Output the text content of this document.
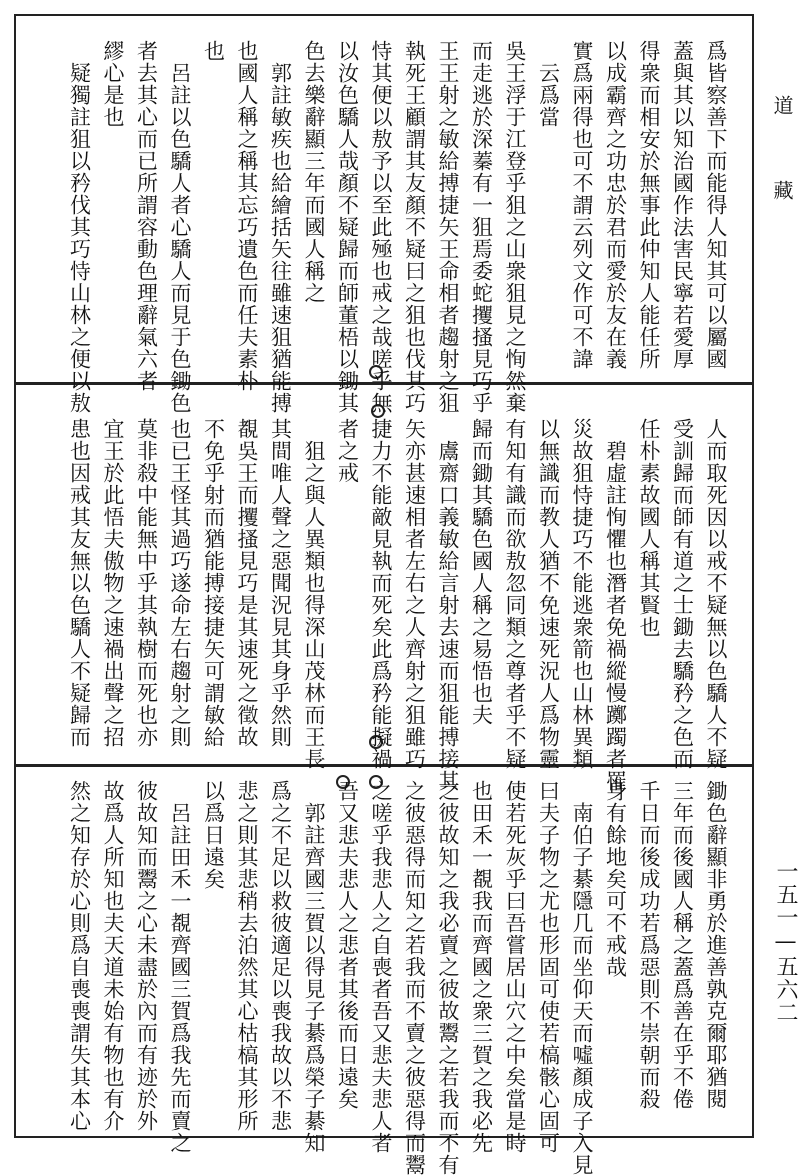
道
藏
一五一—五六二
爲皆察善下而能得人知其可以屬國
蓋與其以知治國作法害民寧若愛厚
得衆而相安於無事此仲知人能任所
以成霸齊之功忠於君而愛於友在義
實爲兩得也可不謂云列文作可不諱
　云爲當
吳王浮于江登乎狙之山衆狙見之恂然棄
而走逃於深蓁有一狙焉委蛇攫搔見巧乎
王王射之敏給搏捷矢王命相者趨射之狙
執死王顧謂其友顏不疑曰之狙也伐其巧
恃其便以敖予以至此殛也戒之哉嗟乎無
以汝色驕人哉顏不疑歸而師董梧以鋤其
色去樂辭顯三年而國人稱之
　郭註敏疾也給繪括矢往雖速狙猶能搏
也國人稱之稱其忘巧遺色而任夫素朴
也
　呂註以色驕人者心驕人而見于色鋤色
者去其心而已所謂容動色理辭氣六者
繆心是也
　疑獨註狙以矜伐其巧恃山林之便以敖
人而取死因以戒不疑無以色驕人不疑
受訓歸而師有道之士鋤去驕矜之色而
任朴素故國人稱其賢也
　碧虛註恂懼也潛者免禍縱慢躑躅者罹
災故狙恃捷巧不能逃衆箭也山林異類
以無識而教人猶不免速死況人爲物靈
有知有識而欲敖忽同類之尊者乎不疑
歸而鋤其驕色國人稱之易悟也夫
　鬳齋口義敏給言射去速而狙能搏接其
矢亦甚速相者左右之人齊射之狙雖巧
捷力不能敵見執而死矣此爲矜能擬禍
者之戒
　狙之與人異類也得深山茂林而王長
其間唯人聲之惡聞況見其身乎然則
覩吳王而攫搔見巧是其速死之徵故
不免乎射而猶能搏接捷矢可謂敏給
也已王怪其過巧遂命左右趨射之則
莫非殺中能無中乎其執樹而死也亦
宜王於此悟夫傲物之速禍出聲之招
患也因戒其友無以色驕人不疑歸而
鋤色辭顯非勇於進善孰克爾耶猶閱
三年而後國人稱之蓋爲善在乎不倦
千日而後成功若爲惡則不崇朝而殺
身有餘地矣可不戒哉
　南伯子綦隱几而坐仰天而噓顏成子入見
曰夫子物之尤也形固可使若槁骸心固可
使若死灰乎曰吾嘗居山穴之中矣當是時
也田禾一覩我而齊國之衆三賀之我必先
之彼故知之我必賣之彼故鬻之若我而不有
之彼惡得而知之若我而不賣之彼惡得而鬻
之嗟乎我悲人之自喪者吾又悲夫悲人者
吾又悲夫悲人之悲者其後而日遠矣
　郭註齊國三賀以得見子綦爲榮子綦知
爲之不足以救彼適足以喪我故以不悲
悲之則其悲稍去泊然其心枯槁其形所
以爲日遠矣
　呂註田禾一覩齊國三賀爲我先而賣之
彼故知而鬻之心未盡於內而有迹於外
故爲人所知也夫天道未始有物也有介
然之知存於心則爲自喪喪謂失其本心
